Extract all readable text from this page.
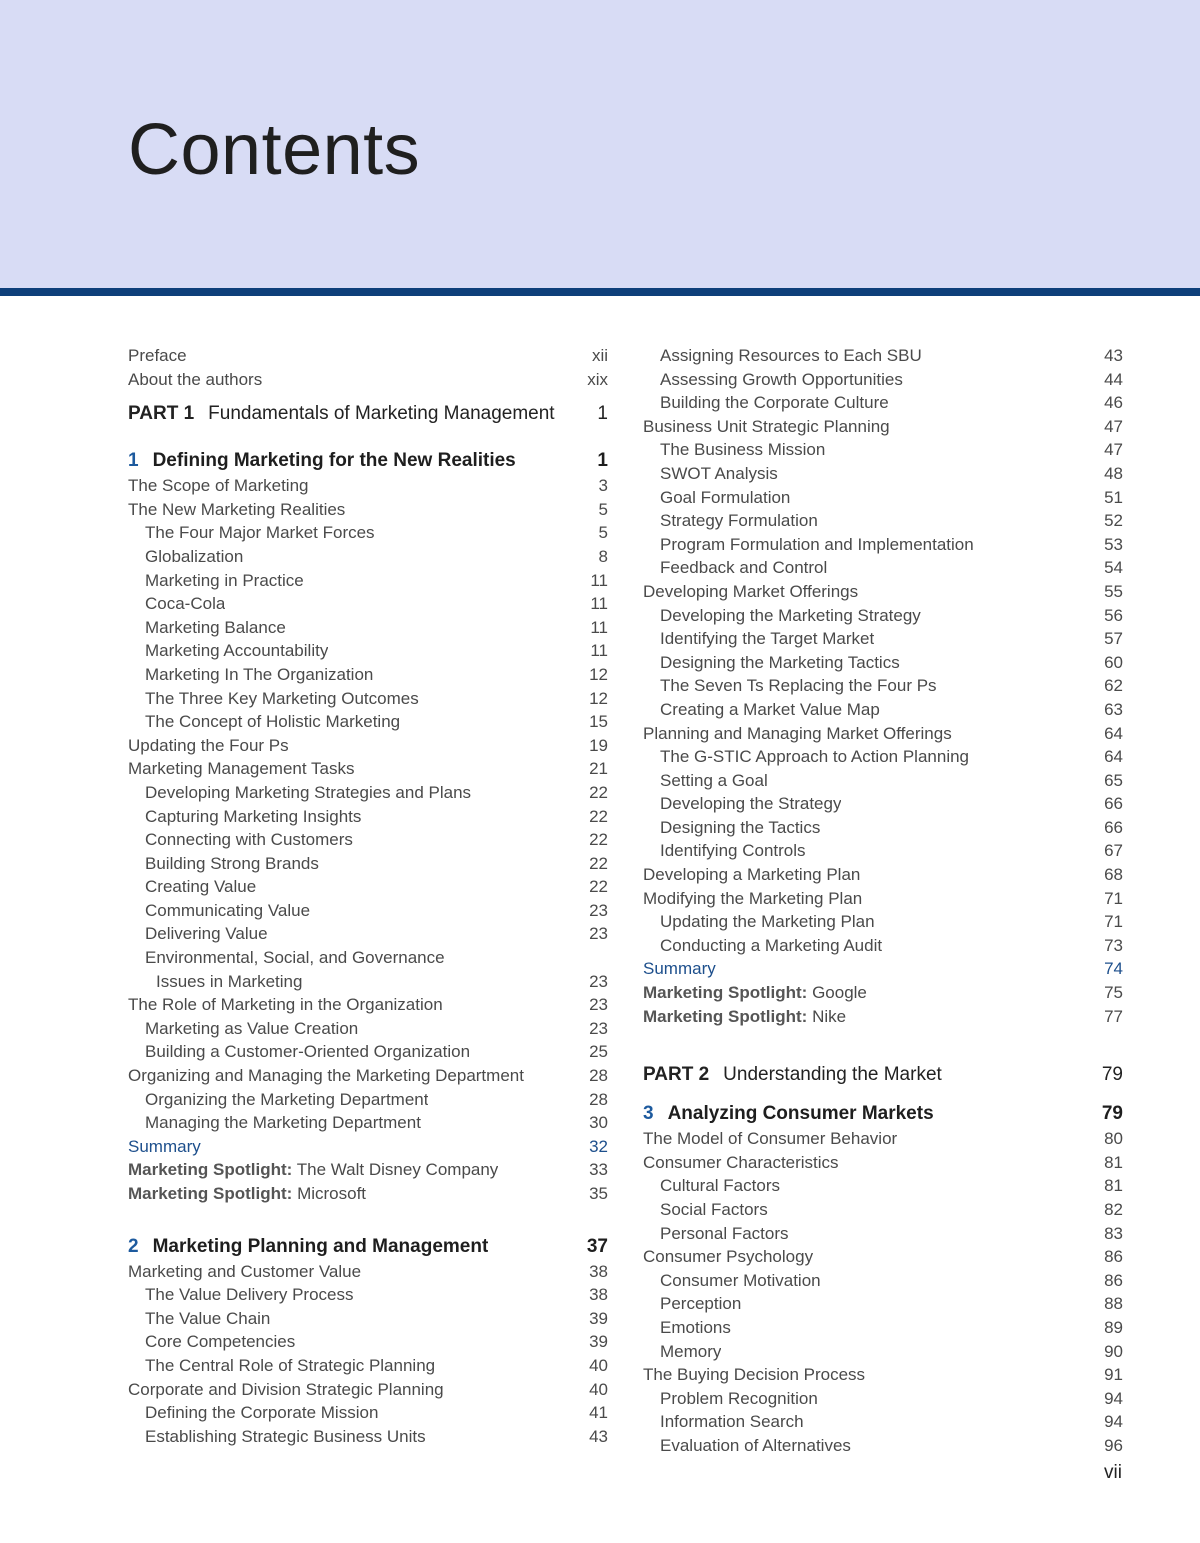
Contents
Preface	xii
About the authors	xix
PART 1 Fundamentals of Marketing Management	1
1 Defining Marketing for the New Realities	1
The Scope of Marketing	3
The New Marketing Realities	5
The Four Major Market Forces	5
Globalization	8
Marketing in Practice	11
Coca-Cola	11
Marketing Balance	11
Marketing Accountability	11
Marketing In The Organization	12
The Three Key Marketing Outcomes	12
The Concept of Holistic Marketing	15
Updating the Four Ps	19
Marketing Management Tasks	21
Developing Marketing Strategies and Plans	22
Capturing Marketing Insights	22
Connecting with Customers	22
Building Strong Brands	22
Creating Value	22
Communicating Value	23
Delivering Value	23
Environmental, Social, and Governance
Issues in Marketing	23
The Role of Marketing in the Organization	23
Marketing as Value Creation	23
Building a Customer-Oriented Organization	25
Organizing and Managing the Marketing Department	28
Organizing the Marketing Department	28
Managing the Marketing Department	30
Summary	32
Marketing Spotlight: The Walt Disney Company	33
Marketing Spotlight: Microsoft	35
2 Marketing Planning and Management	37
Marketing and Customer Value	38
The Value Delivery Process	38
The Value Chain	39
Core Competencies	39
The Central Role of Strategic Planning	40
Corporate and Division Strategic Planning	40
Defining the Corporate Mission	41
Establishing Strategic Business Units	43
Assigning Resources to Each SBU	43
Assessing Growth Opportunities	44
Building the Corporate Culture	46
Business Unit Strategic Planning	47
The Business Mission	47
SWOT Analysis	48
Goal Formulation	51
Strategy Formulation	52
Program Formulation and Implementation	53
Feedback and Control	54
Developing Market Offerings	55
Developing the Marketing Strategy	56
Identifying the Target Market	57
Designing the Marketing Tactics	60
The Seven Ts Replacing the Four Ps	62
Creating a Market Value Map	63
Planning and Managing Market Offerings	64
The G-STIC Approach to Action Planning	64
Setting a Goal	65
Developing the Strategy	66
Designing the Tactics	66
Identifying Controls	67
Developing a Marketing Plan	68
Modifying the Marketing Plan	71
Updating the Marketing Plan	71
Conducting a Marketing Audit	73
Summary	74
Marketing Spotlight: Google	75
Marketing Spotlight: Nike	77
PART 2 Understanding the Market	79
3 Analyzing Consumer Markets	79
The Model of Consumer Behavior	80
Consumer Characteristics	81
Cultural Factors	81
Social Factors	82
Personal Factors	83
Consumer Psychology	86
Consumer Motivation	86
Perception	88
Emotions	89
Memory	90
The Buying Decision Process	91
Problem Recognition	94
Information Search	94
Evaluation of Alternatives	96
vii
